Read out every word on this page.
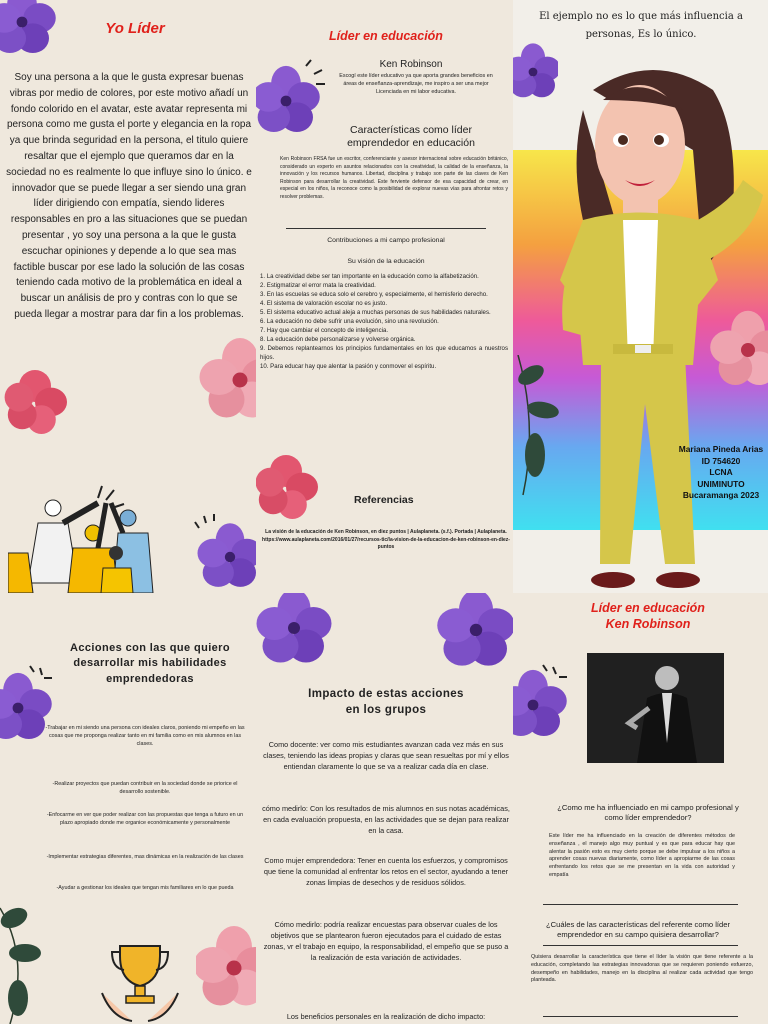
Yo Líder
Soy una persona a la que le gusta expresar buenas vibras por medio de colores, por este motivo añadí un fondo colorido en el avatar, este avatar representa mi persona como me gusta el porte y elegancia en la ropa ya que brinda seguridad en la persona, el titulo quiere resaltar que el ejemplo que queramos dar en la sociedad no es realmente lo que influye sino lo único. e innovador que se puede llegar a ser siendo una gran líder dirigiendo con empatía, siendo lideres responsables en pro a las situaciones que se puedan presentar , yo soy una persona a la que le gusta escuchar opiniones y depende a lo que sea mas factible buscar por ese lado la solución de las cosas teniendo cada motivo de la problemática en ideal a buscar un análisis de pro y contras con lo que se pueda llegar a mostrar para dar fin a los problemas.
Líder en educación
Ken Robinson
Escogí este líder educativo ya que aporta grandes beneficios en áreas de enseñanza-aprendizaje, me inspiro a ser una mejor Licenciada en mi labor educativa.
Características como líder emprendedor en educación
Ken Robinson FRSA fue un escritor, conferenciante y asesor internacional sobre educación británico, considerado un experto en asuntos relacionados con la creatividad, la calidad de la enseñanza, la innovación y los recursos humanos. Libertad, disciplina y trabajo son parte de las claves de Ken Robinson para desarrollar la creatividad. Este ferviente defensor de esa capacidad de crear, en especial en los niños, la reconoce como la posibilidad de explorar nuevas vías para afrontar retos y resolver problemas.
Contribuciones a mi campo profesional
Su visión de la educación
1. La creatividad debe ser tan importante en la educación como la alfabetización.
2. Estigmatizar el error mata la creatividad.
3. En las escuelas se educa solo el cerebro y, especialmente, el hemisferio derecho.
4. El sistema de valoración escolar no es justo.
5. El sistema educativo actual aleja a muchas personas de sus habilidades naturales.
6. La educación no debe sufrir una evolución, sino una revolución.
7. Hay que cambiar el concepto de inteligencia.
8. La educación debe personalizarse y volverse orgánica.
9. Debemos replantearnos los principios fundamentales en los que educamos a nuestros hijos.
10. Para educar hay que alentar la pasión y conmover el espíritu.
Referencias
La visión de la educación de Ken Robinson, en diez puntos | Aulaplaneta. (s.f.). Portada | Aulaplaneta. https://www.aulaplaneta.com/2016/01/27/recursos-tic/la-vision-de-la-educacion-de-ken-robinson-en-diez-puntos
El ejemplo no es lo que más influencia a personas, Es lo único.
Mariana Pineda Arias
ID 754620
LCNA
UNIMINUTO
Bucaramanga 2023
Acciones con las que quiero desarrollar mis habilidades emprendedoras
-Trabajar en mi siendo una persona con ideales claros, poniendo mi empeño en las cosas que me proponga realizar tanto en mi familia como en mis alumnos en las clases.
-Realizar proyectos que puedan contribuir en la sociedad donde se priorice el desarrollo sostenible.
-Enfocarme en ver que poder realizar con las propuestas que tenga a futuro en un plazo apropiado donde me organice económicamente y personalmente
-Implementar estrategias diferentes, mas dinámicas en la realización de las clases
-Ayudar a gestionar los ideales que tengan mis familiares en lo que pueda
Impacto de estas acciones en los grupos
Como docente: ver como mis estudiantes avanzan cada vez más en sus clases, teniendo las ideas propias y claras que sean resueltas por mí y ellos entiendan claramente lo que se va a realizar cada día en clase.
cómo medirlo: Con los resultados de mis alumnos en sus notas académicas, en cada evaluación propuesta, en las actividades que se dejan para realizar en la casa.
Como mujer emprendedora: Tener en cuenta los esfuerzos, y compromisos que tiene la comunidad al enfrentar los retos en el sector, ayudando a tener zonas limpias de desechos y de residuos sólidos.
Cómo medirlo: podría realizar encuestas para observar cuales de los objetivos que se plantearon fueron ejecutados para el cuidado de estas zonas, vr el trabajo en equipo, la responsabilidad, el empeño que se puso a la realización de esta variación de actividades.
Los beneficios personales en la realización de dicho impacto:
Líder en educación
Ken Robinson
¿Como me ha influenciado en mi campo profesional y como líder emprendedor?
Este líder me ha influenciado en la creación de diferentes métodos de enseñanza , el manejo algo muy puntual y es que para educar hay que alentar la pasión esto es muy cierto porque se debe impulsar a los niños a aprender cosas nuevas diariamente, como líder a apropiarme de las cosas enfrentando los retos que se me presentan en la vida con autoridad y empatía
¿Cuáles de las características del referente como líder emprendedor en su campo quisiera desarrollar?
Quisiera desarrollar la característica que tiene el líder la visión que tiene referente a la educación, completando las estrategias innovadoras que se requieren poniendo esfuerzo, desempeño en habilidades, manejo en la disciplina al realizar cada actividad que tengo planteada.
